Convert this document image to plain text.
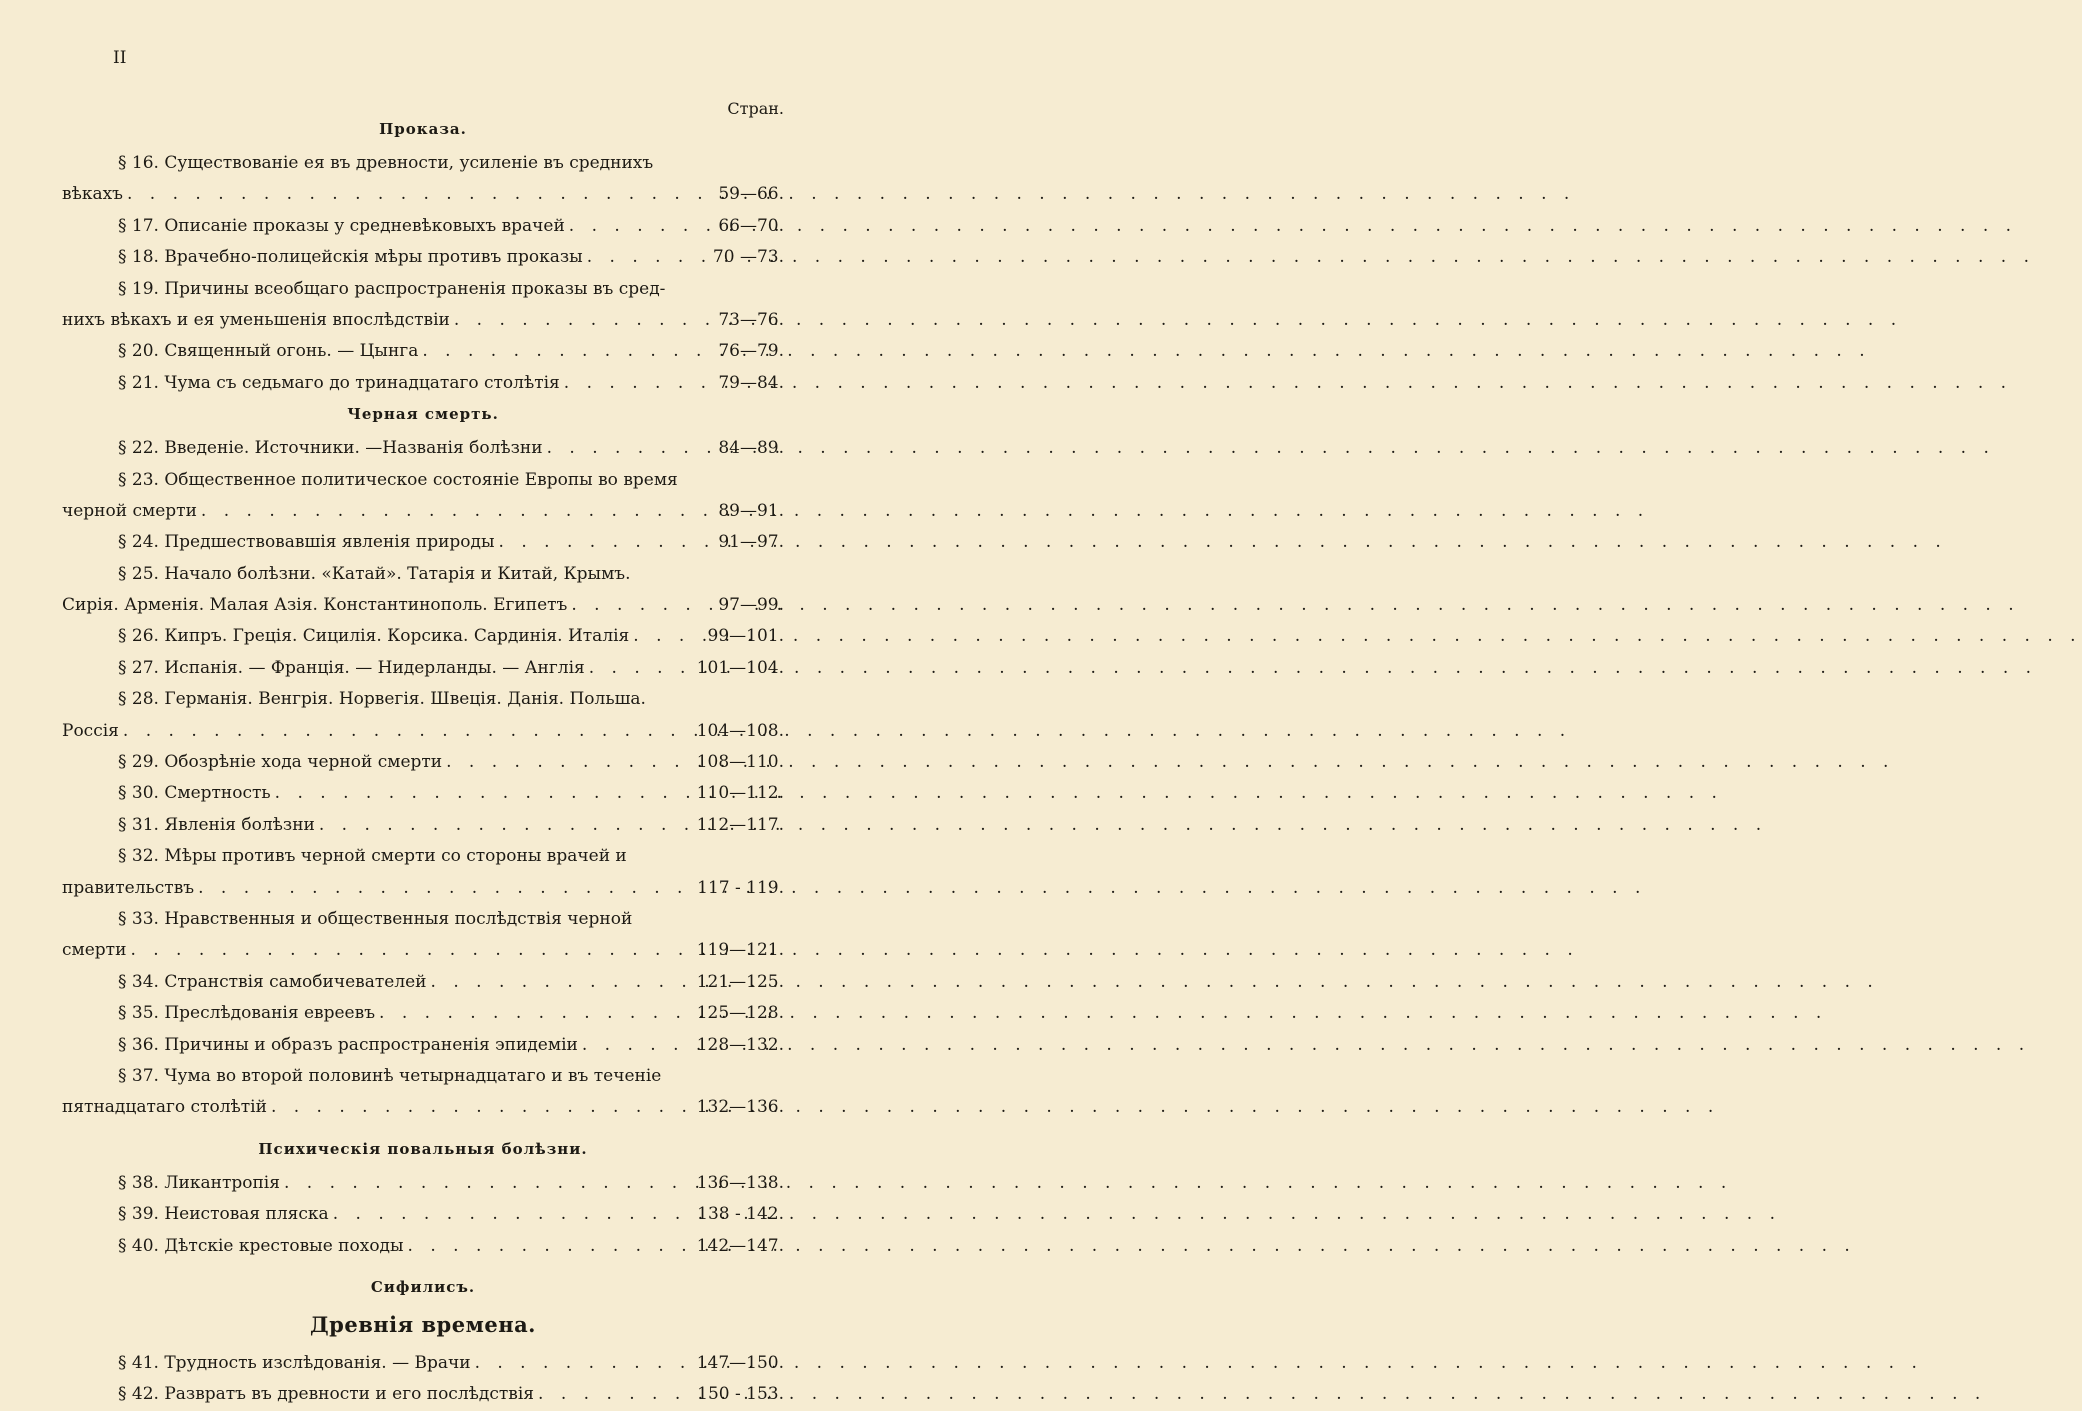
II
Стран.
Проказа.
§ 16. Существованіе ея въ древности, усиленіе въ среднихъ
вѣкахъ . . .	59—66.
§ 17. Описаніе проказы у средневѣковыхъ врачей . . .	66—70.
§ 18. Врачебно-полицейскія мѣры противъ проказы . . .	70 —73.
§ 19. Причины всеобщаго распространенія проказы въ сред-
нихъ вѣкахъ и ея уменьшенія впослѣдствіи . . .	73—76.
§ 20. Священный огонь. — Цынга . . .	76—79.
§ 21. Чума съ седьмаго до тринадцатаго столѣтія . . .	79—84.
Черная смерть.
§ 22. Введеніе. Источники. —Названія болѣзни . . .	84—89.
§ 23. Общественное политическое состояніе Европы во время
черной смерти . . .	89—91.
§ 24. Предшествовавшія явленія природы . . .	91—97.
§ 25. Начало болѣзни. «Катай». Татарія и Китай, Крымъ.
Сирія. Арменія. Малая Азія. Константинополь. Египетъ . . .	97—99.
§ 26. Кипръ. Греція. Сицилія. Корсика. Сардинія. Италія . . .	99—101.
§ 27. Испанія. — Франція. — Нидерланды. — Англія . . .	101—104.
§ 28. Германія. Венгрія. Норвегія. Швеція. Данія. Польша.
Россія . . .	104—108.
§ 29. Обозрѣніе хода черной смерти . . .	108—110.
§ 30. Смертность . . .	110—112.
§ 31. Явленія болѣзни . . .	112—117.
§ 32. Мѣры противъ черной смерти со стороны врачей и
правительствъ . . .	117 - 119.
§ 33. Нравственныя и общественныя послѣдствія черной
смерти . . .	119—121.
§ 34. Странствія самобичевателей . . .	121—125.
§ 35. Преслѣдованія евреевъ . . .	125—128.
§ 36. Причины и образъ распространенія эпидеміи . . .	128—132.
§ 37. Чума во второй половинѣ четырнадцатаго и въ теченіе
пятнадцатаго столѣтій . . .	132—136.
Психическія повальныя болѣзни.
§ 38. Ликантропія . . .	136—138.
§ 39. Неистовая пляска . . .	138 - 142.
§ 40. Дѣтскіе крестовые походы . . .	142—147.
Сифилисъ.
Древнія времена.
§ 41. Трудность изслѣдованія. — Врачи . . .	147—150.
§ 42. Развратъ въ древности и его послѣдствія . . .	150 - 153.
